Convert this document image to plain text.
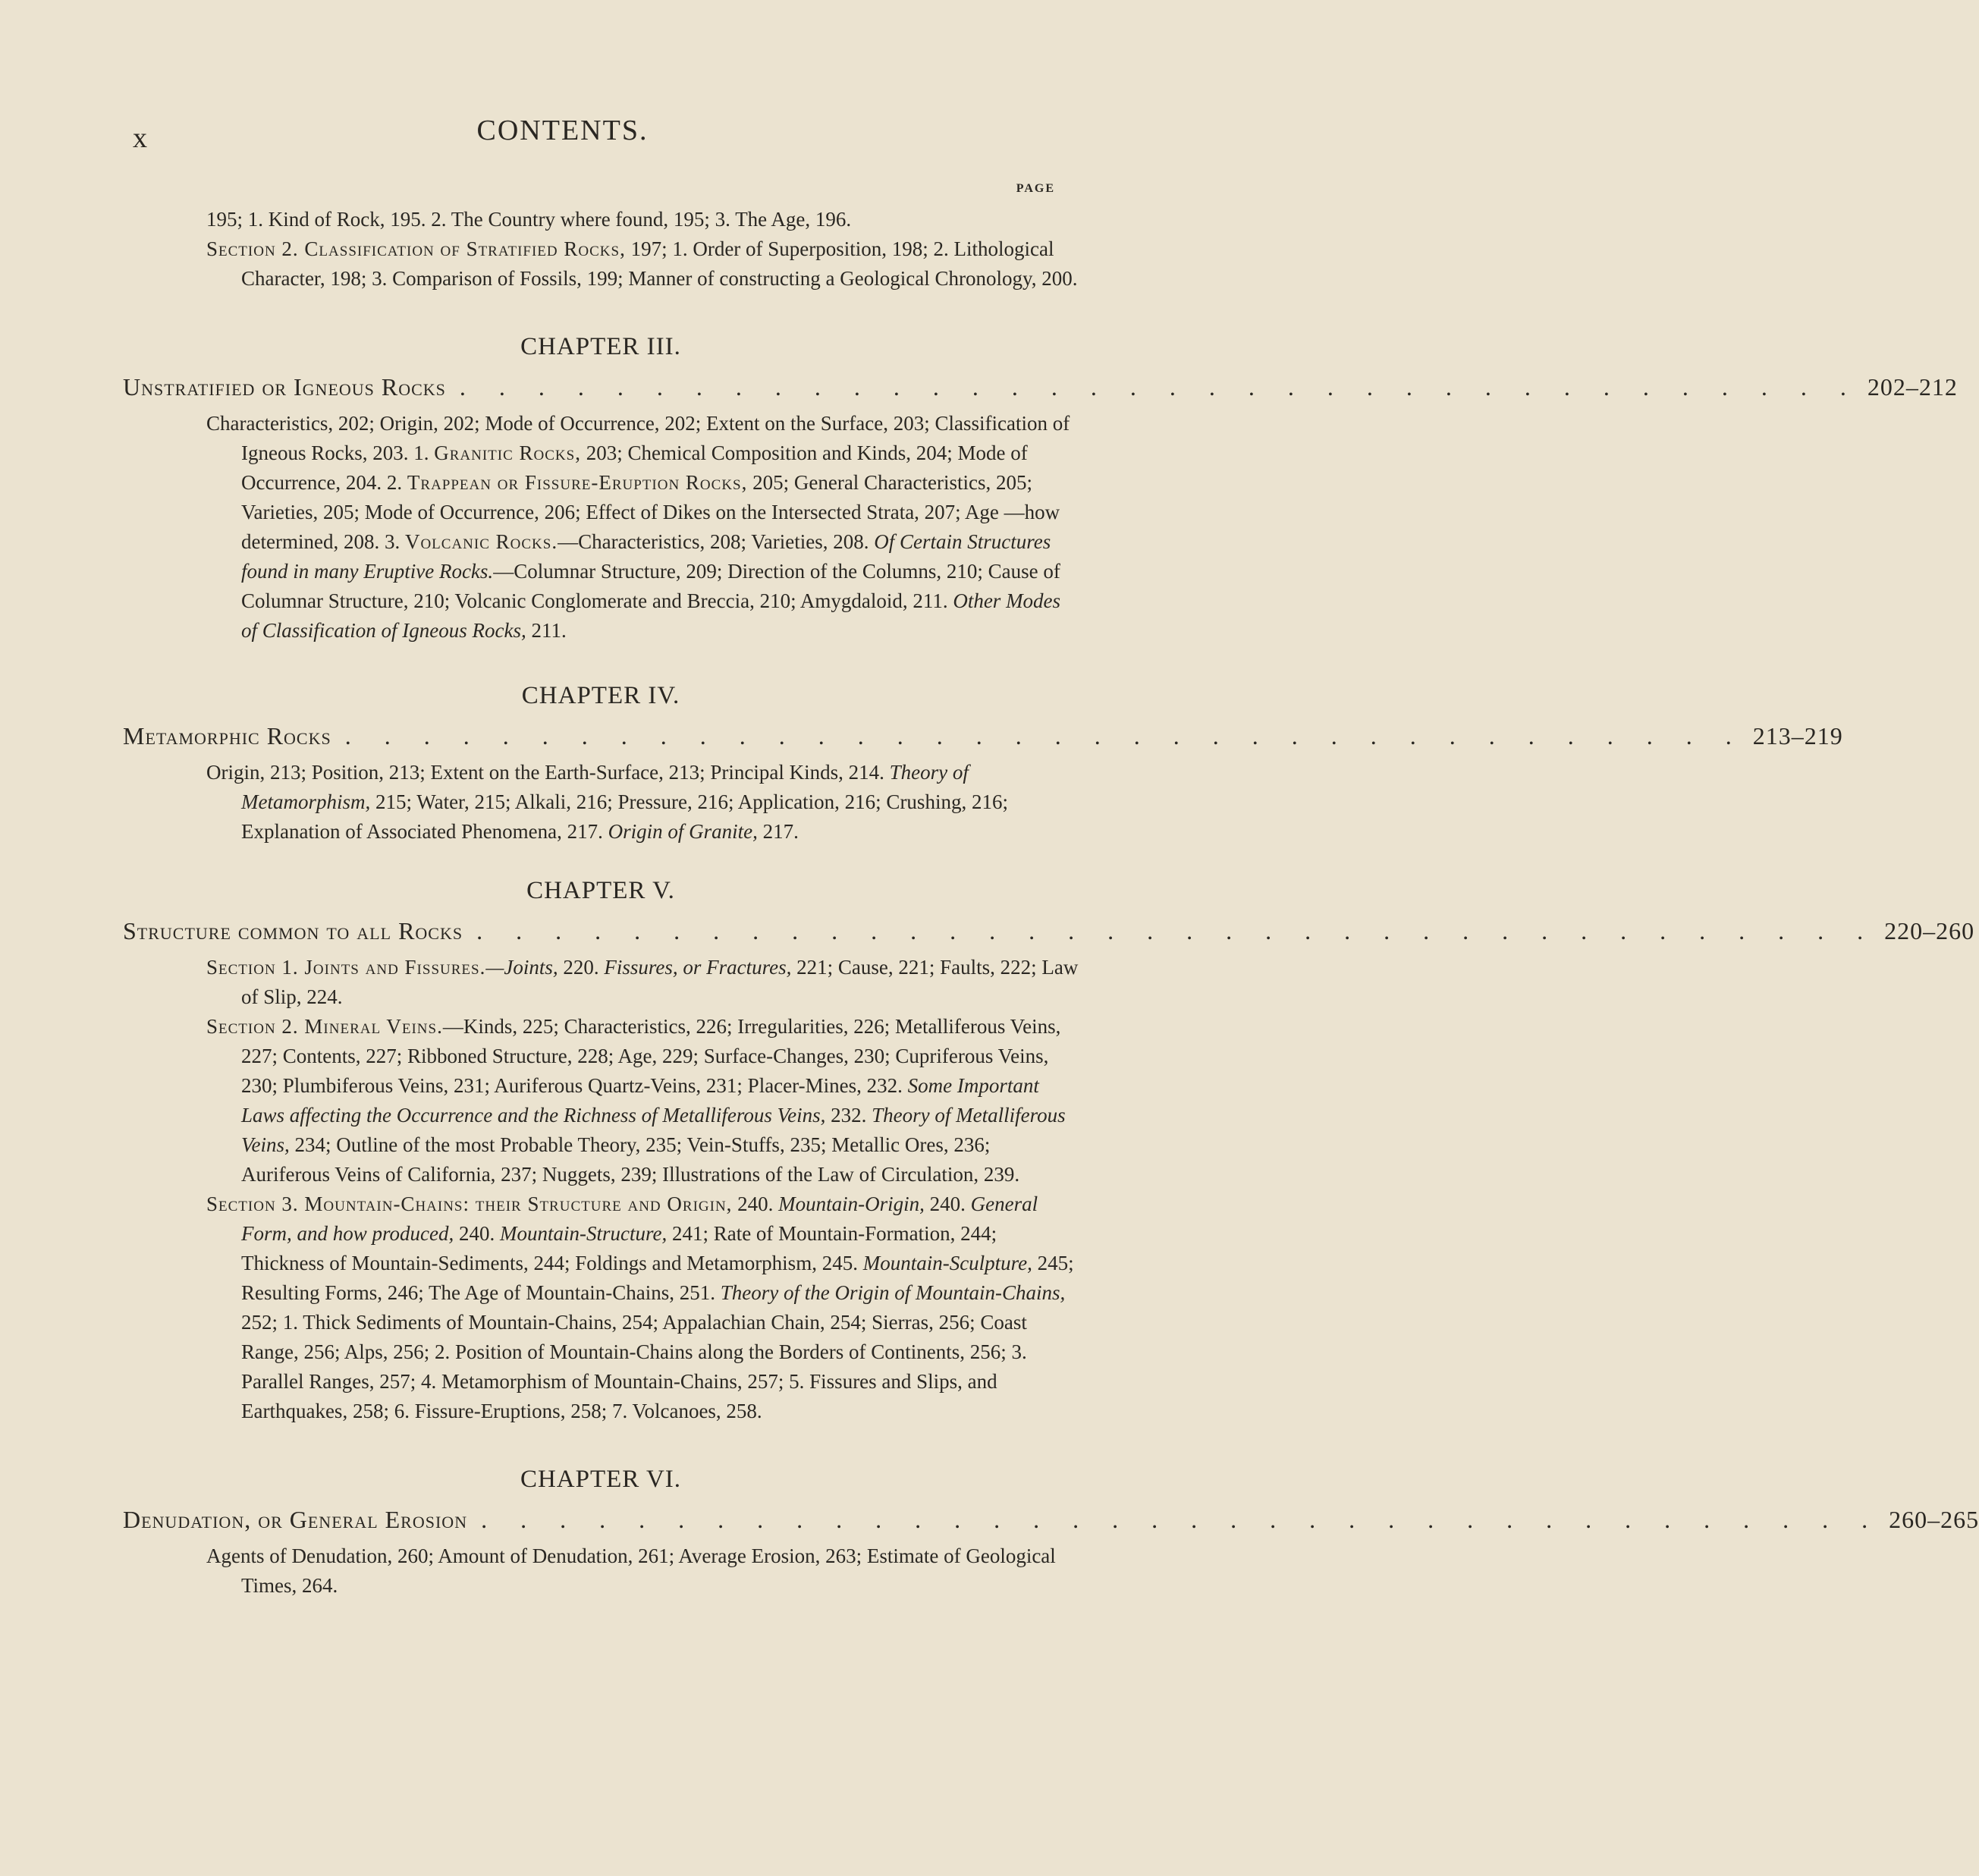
x	CONTENTS.
PAGE

195; 1. Kind of Rock, 195. 2. The Country where found, 195; 3. The Age, 196.

Section 2. Classification of Stratified Rocks, 197; 1. Order of Superposition, 198; 2. Lithological Character, 198; 3. Comparison of Fossils, 199; Manner of constructing a Geological Chronology, 200.

CHAPTER III.
Unstratified or Igneous Rocks . . . . . . . . . . . . . . . . . . . . . . . . . . . . . . . . . . . . 202–212

Characteristics, 202; Origin, 202; Mode of Occurrence, 202; Extent on the Surface, 203; Classification of Igneous Rocks, 203. 1. Granitic Rocks, 203; Chemical Composition and Kinds, 204; Mode of Occurrence, 204. 2. Trappean or Fissure-Eruption Rocks, 205; General Characteristics, 205; Varieties, 205; Mode of Occurrence, 206; Effect of Dikes on the Intersected Strata, 207; Age —how determined, 208. 3. Volcanic Rocks.—Characteristics, 208; Varieties, 208. Of Certain Structures found in many Eruptive Rocks.—Columnar Structure, 209; Direction of the Columns, 210; Cause of Columnar Structure, 210; Volcanic Conglomerate and Breccia, 210; Amygdaloid, 211. Other Modes of Classification of Igneous Rocks, 211.

CHAPTER IV.
Metamorphic Rocks . . . . . . . . . . . . . . . . . . . . . . . . . . . . . . . . . . . . 213–219

Origin, 213; Position, 213; Extent on the Earth-Surface, 213; Principal Kinds, 214. Theory of Metamorphism, 215; Water, 215; Alkali, 216; Pressure, 216; Application, 216; Crushing, 216; Explanation of Associated Phenomena, 217. Origin of Granite, 217.

CHAPTER V.
Structure common to all Rocks . . . . . . . . . . . . . . . . . . . . . . . . . . . . . . . . . . . . 220–260

Section 1. Joints and Fissures.—Joints, 220. Fissures, or Fractures, 221; Cause, 221; Faults, 222; Law of Slip, 224.

Section 2. Mineral Veins.—Kinds, 225; Characteristics, 226; Irregularities, 226; Metalliferous Veins, 227; Contents, 227; Ribboned Structure, 228; Age, 229; Surface-Changes, 230; Cupriferous Veins, 230; Plumbiferous Veins, 231; Auriferous Quartz-Veins, 231; Placer-Mines, 232. Some Important Laws affecting the Occurrence and the Richness of Metalliferous Veins, 232. Theory of Metalliferous Veins, 234; Outline of the most Probable Theory, 235; Vein-Stuffs, 235; Metallic Ores, 236; Auriferous Veins of California, 237; Nuggets, 239; Illustrations of the Law of Circulation, 239.

Section 3. Mountain-Chains: their Structure and Origin, 240. Mountain-Origin, 240. General Form, and how produced, 240. Mountain-Structure, 241; Rate of Mountain-Formation, 244; Thickness of Mountain-Sediments, 244; Foldings and Metamorphism, 245. Mountain-Sculpture, 245; Resulting Forms, 246; The Age of Mountain-Chains, 251. Theory of the Origin of Mountain-Chains, 252; 1. Thick Sediments of Mountain-Chains, 254; Appalachian Chain, 254; Sierras, 256; Coast Range, 256; Alps, 256; 2. Position of Mountain-Chains along the Borders of Continents, 256; 3. Parallel Ranges, 257; 4. Metamorphism of Mountain-Chains, 257; 5. Fissures and Slips, and Earthquakes, 258; 6. Fissure-Eruptions, 258; 7. Volcanoes, 258.

CHAPTER VI.
Denudation, or General Erosion . . . . . . . . . . . . . . . . . . . . . . . . . . . . . . . . . . . . 260–265

Agents of Denudation, 260; Amount of Denudation, 261; Average Erosion, 263; Estimate of Geological Times, 264.
